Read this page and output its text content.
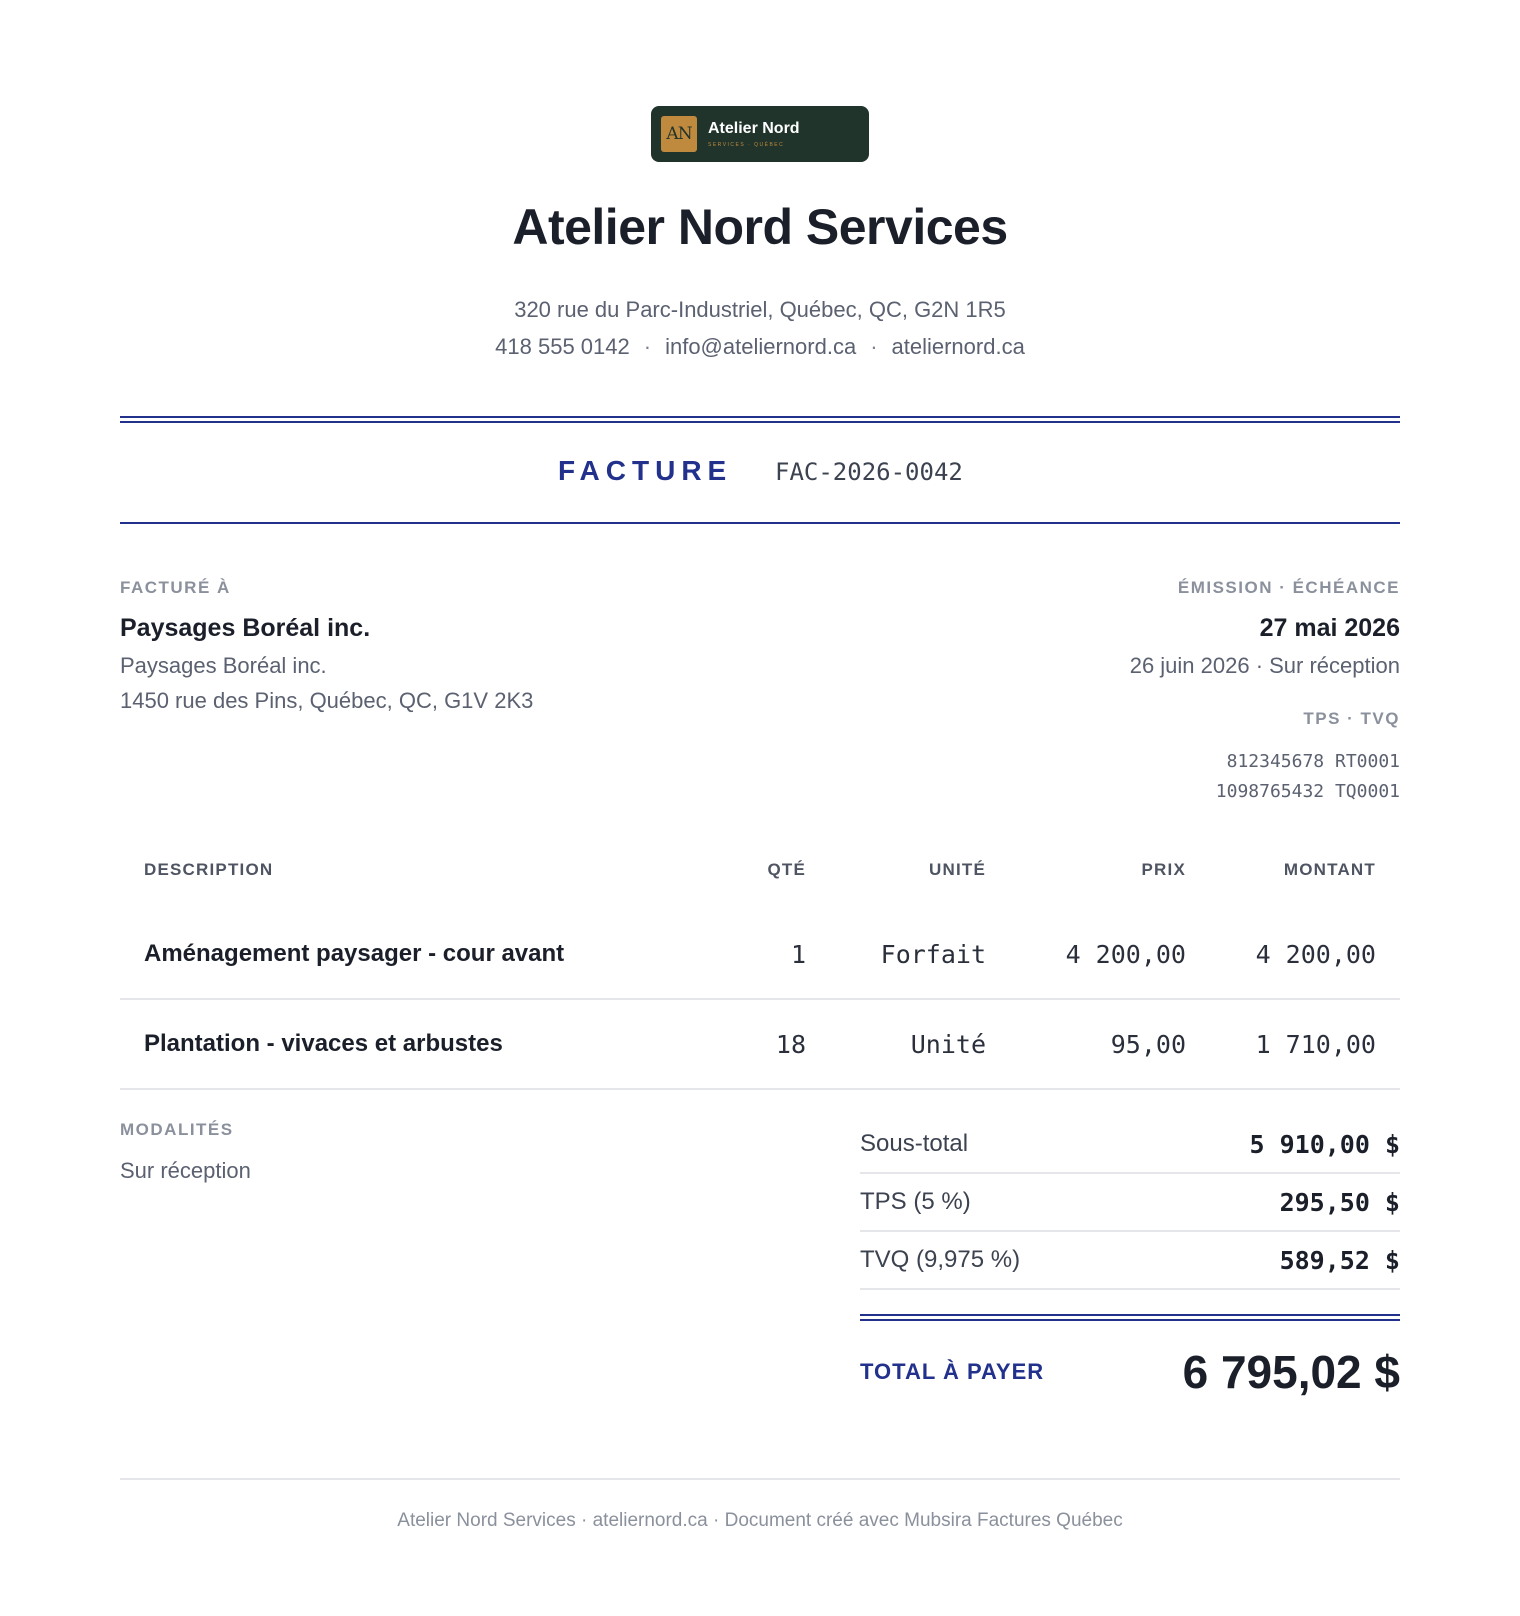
AN	Atelier Nord
SERVICES · QUÉBEC
Atelier Nord Services
320 rue du Parc-Industriel, Québec, QC, G2N 1R5
418 555 0142 · info@ateliernord.ca · ateliernord.ca
FACTURE FAC-2026-0042
FACTURÉ À
Paysages Boréal inc.
Paysages Boréal inc.
1450 rue des Pins, Québec, QC, G1V 2K3
ÉMISSION · ÉCHÉANCE
27 mai 2026
26 juin 2026 · Sur réception
TPS · TVQ
812345678 RT0001
1098765432 TQ0001
DESCRIPTION	QTÉ	UNITÉ	PRIX	MONTANT
Aménagement paysager - cour avant	1	Forfait	4 200,00	4 200,00
Plantation - vivaces et arbustes	18	Unité	95,00	1 710,00
MODALITÉS
Sur réception
Sous-total	5 910,00 $
TPS (5 %)	295,50 $
TVQ (9,975 %)	589,52 $
TOTAL À PAYER	6 795,02 $
Atelier Nord Services · ateliernord.ca · Document créé avec Mubsira Factures Québec
